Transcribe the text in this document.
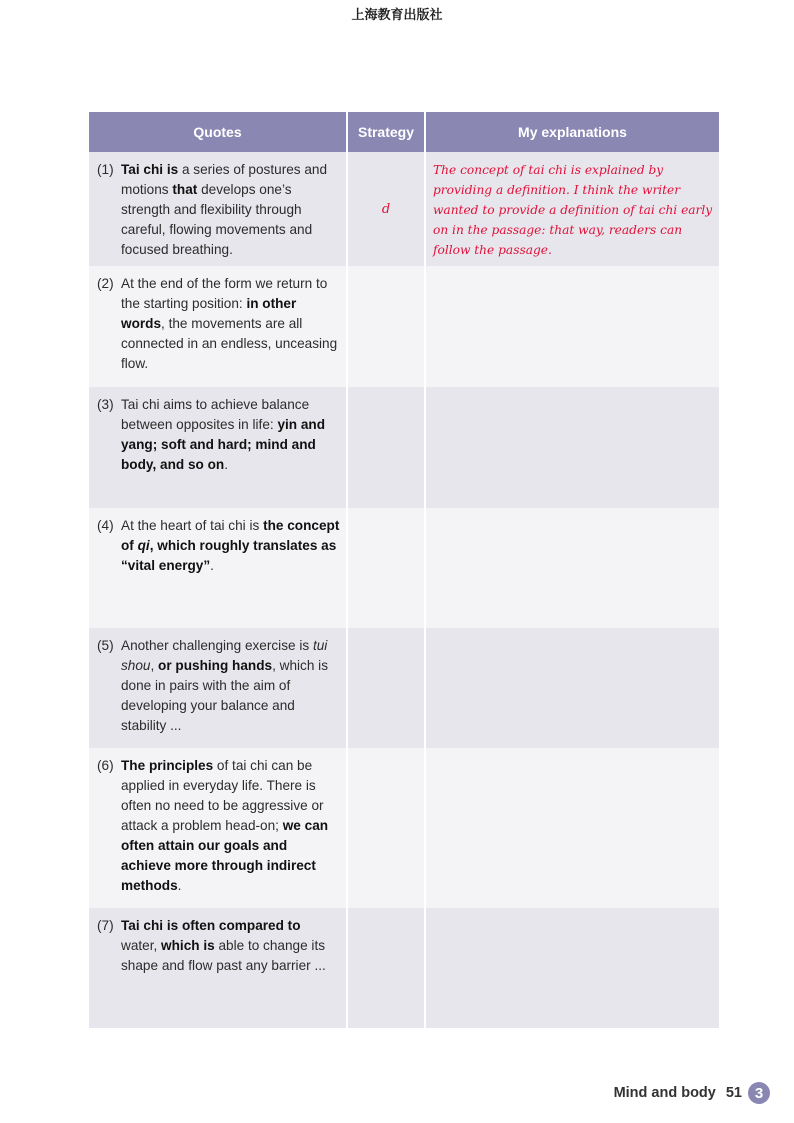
上海教育出版社
Quotes	Strategy	My explanations

(1) Tai chi is a series of postures and motions that develops one’s strength and flexibility through careful, flowing movements and focused breathing.	d	The concept of tai chi is explained by providing a definition. I think the writer wanted to provide a definition of tai chi early on in the passage: that way, readers can follow the passage.

(2) At the end of the form we return to the starting position: in other words, the movements are all connected in an endless, unceasing flow.		

(3) Tai chi aims to achieve balance between opposites in life: yin and yang; soft and hard; mind and body, and so on.		

(4) At the heart of tai chi is the concept of qi, which roughly translates as “vital energy”.		

(5) Another challenging exercise is tui shou, or pushing hands, which is done in pairs with the aim of developing your balance and stability ...		

(6) The principles of tai chi can be applied in everyday life. There is often no need to be aggressive or attack a problem head-on; we can often attain our goals and achieve more through indirect methods.		

(7) Tai chi is often compared to water, which is able to change its shape and flow past any barrier ...		

Mind and body 51 3
